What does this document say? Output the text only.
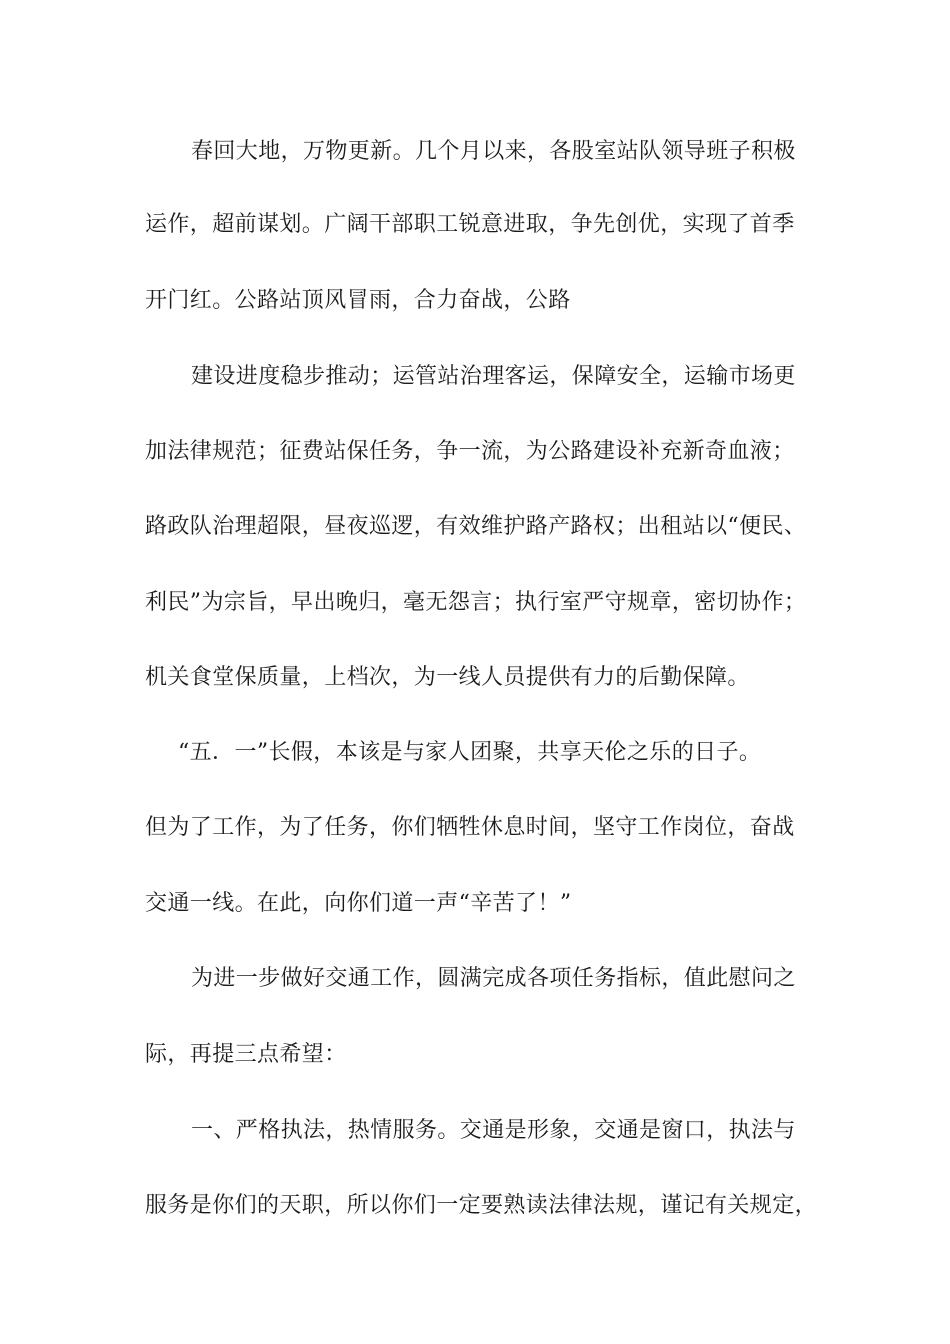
春回大地，万物更新。几个月以来，各股室站队领导班子积极
运作，超前谋划。广阔干部职工锐意进取，争先创优，实现了首季
开门红。公路站顶风冒雨，合力奋战，公路
建设进度稳步推动；运管站治理客运，保障安全，运输市场更
加法律规范；征费站保任务，争一流，为公路建设补充新奇血液；
路政队治理超限，昼夜巡逻，有效维护路产路权；出租站以“便民、
利民”为宗旨，早出晚归，毫无怨言；执行室严守规章，密切协作；
机关食堂保质量，上档次，为一线人员提供有力的后勤保障。
“五．一”长假，本该是与家人团聚，共享天伦之乐的日子。
但为了工作，为了任务，你们牺牲休息时间，坚守工作岗位，奋战
交通一线。在此，向你们道一声“辛苦了！”
为进一步做好交通工作，圆满完成各项任务指标，值此慰问之
际，再提三点希望：
一、严格执法，热情服务。交通是形象，交通是窗口，执法与
服务是你们的天职，所以你们一定要熟读法律法规，谨记有关规定，
